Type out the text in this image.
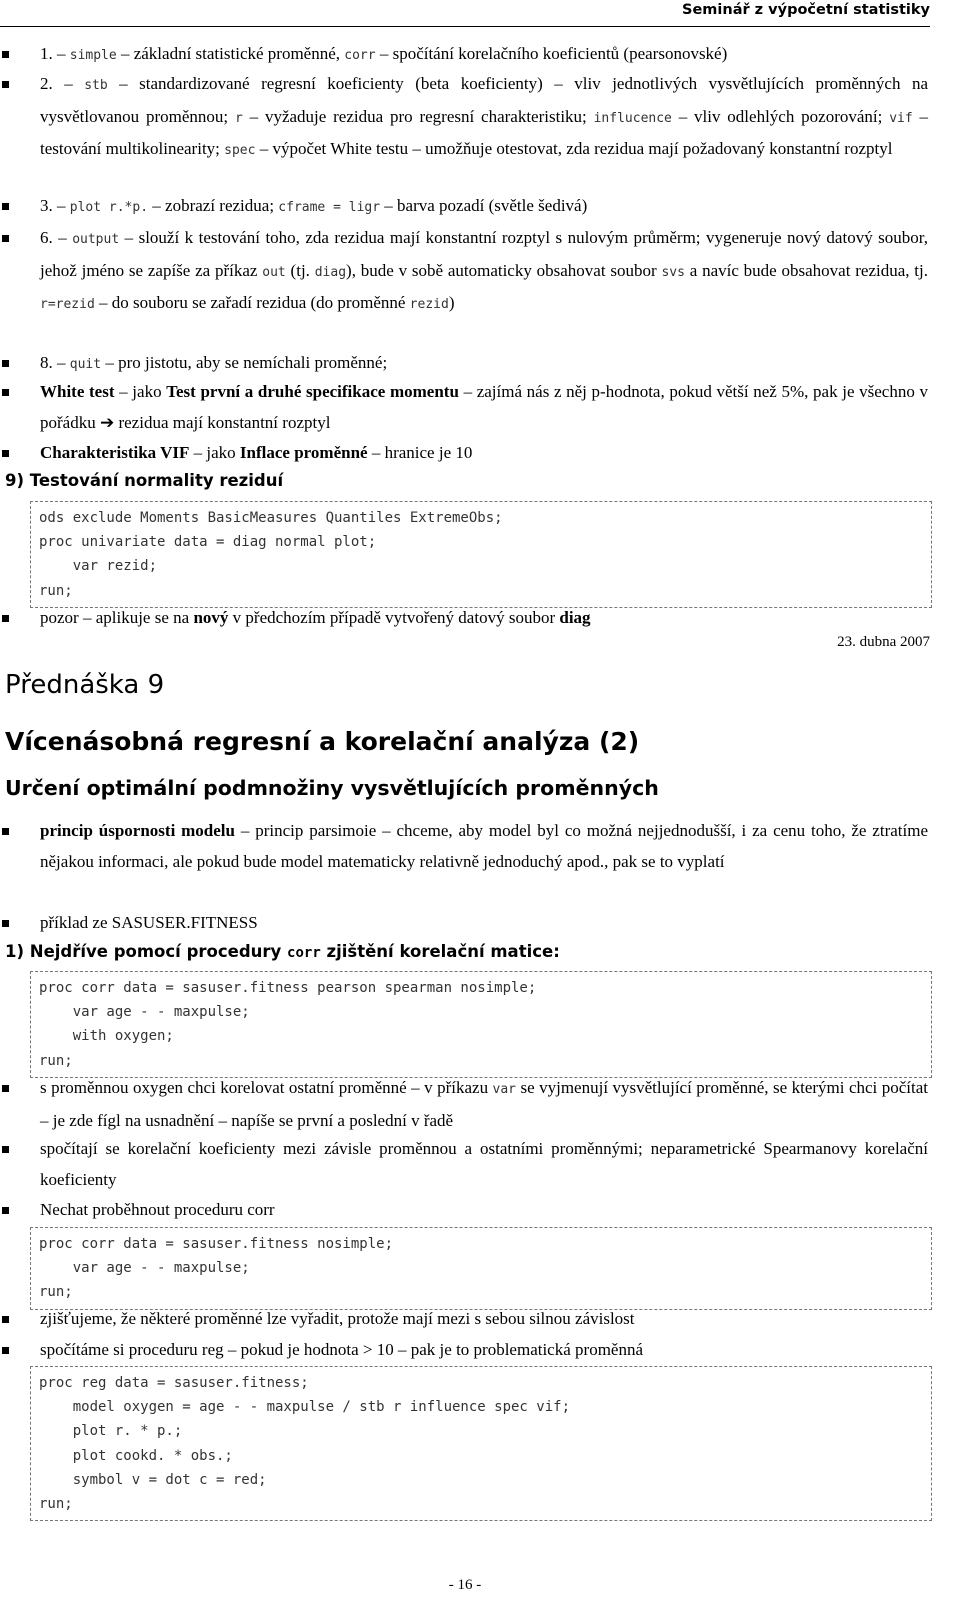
Seminář z výpočetní statistiky
1. – simple – základní statistické proměnné, corr – spočítání korelačního koeficientů (pearsonovské)
2. – stb – standardizované regresní koeficienty (beta koeficienty) – vliv jednotlivých vysvětlujících proměnných na vysvětlovanou proměnnou; r – vyžaduje rezidua pro regresní charakteristiku; influcence – vliv odlehlých pozorování; vif – testování multikolinearity; spec – výpočet White testu – umožňuje otestovat, zda rezidua mají požadovaný konstantní rozptyl
3. – plot r.*p. – zobrazí rezidua; cframe = ligr – barva pozadí (světle šedivá)
6. – output – slouží k testování toho, zda rezidua mají konstantní rozptyl s nulovým průměrm; vygeneruje nový datový soubor, jehož jméno se zapíše za příkaz out (tj. diag), bude v sobě automaticky obsahovat soubor svs a navíc bude obsahovat rezidua, tj. r=rezid – do souboru se zařadí rezidua (do proměnné rezid)
8. – quit – pro jistotu, aby se nemíchali proměnné;
White test – jako Test první a druhé specifikace momentu – zajímá nás z něj p-hodnota, pokud větší než 5%, pak je všechno v pořádku ➔ rezidua mají konstantní rozptyl
Charakteristika VIF – jako Inflace proměnné – hranice je 10
9) Testování normality reziduí
ods exclude Moments BasicMeasures Quantiles ExtremeObs;
proc univariate data = diag normal plot;
var rezid;
run;
pozor – aplikuje se na nový v předchozím případě vytvořený datový soubor diag
23. dubna 2007
Přednáška 9
Vícenásobná regresní a korelační analýza (2)
Určení optimální podmnožiny vysvětlujících proměnných
princip úspornosti modelu – princip parsimoie – chceme, aby model byl co možná nejjednodušší, i za cenu toho, že ztratíme nějakou informaci, ale pokud bude model matematicky relativně jednoduchý apod., pak se to vyplatí
příklad ze SASUSER.FITNESS
1) Nejdříve pomocí procedury corr zjištění korelační matice:
proc corr data = sasuser.fitness pearson spearman nosimple;
var age - - maxpulse;
with oxygen;
run;
s proměnnou oxygen chci korelovat ostatní proměnné – v příkazu var se vyjmenují vysvětlující proměnné, se kterými chci počítat – je zde fígl na usnadnění – napíše se první a poslední v řadě
spočítají se korelační koeficienty mezi závisle proměnnou a ostatními proměnnými; neparametrické Spearmanovy korelační koeficienty
Nechat proběhnout proceduru corr
proc corr data = sasuser.fitness nosimple;
var age - - maxpulse;
run;
zjišťujeme, že některé proměnné lze vyřadit, protože mají mezi s sebou silnou závislost
spočítáme si proceduru reg – pokud je hodnota > 10 – pak je to problematická proměnná
proc reg data = sasuser.fitness;
model oxygen = age - - maxpulse / stb r influence spec vif;
plot r. * p.;
plot cookd. * obs.;
symbol v = dot c = red;
run;
- 16 -
